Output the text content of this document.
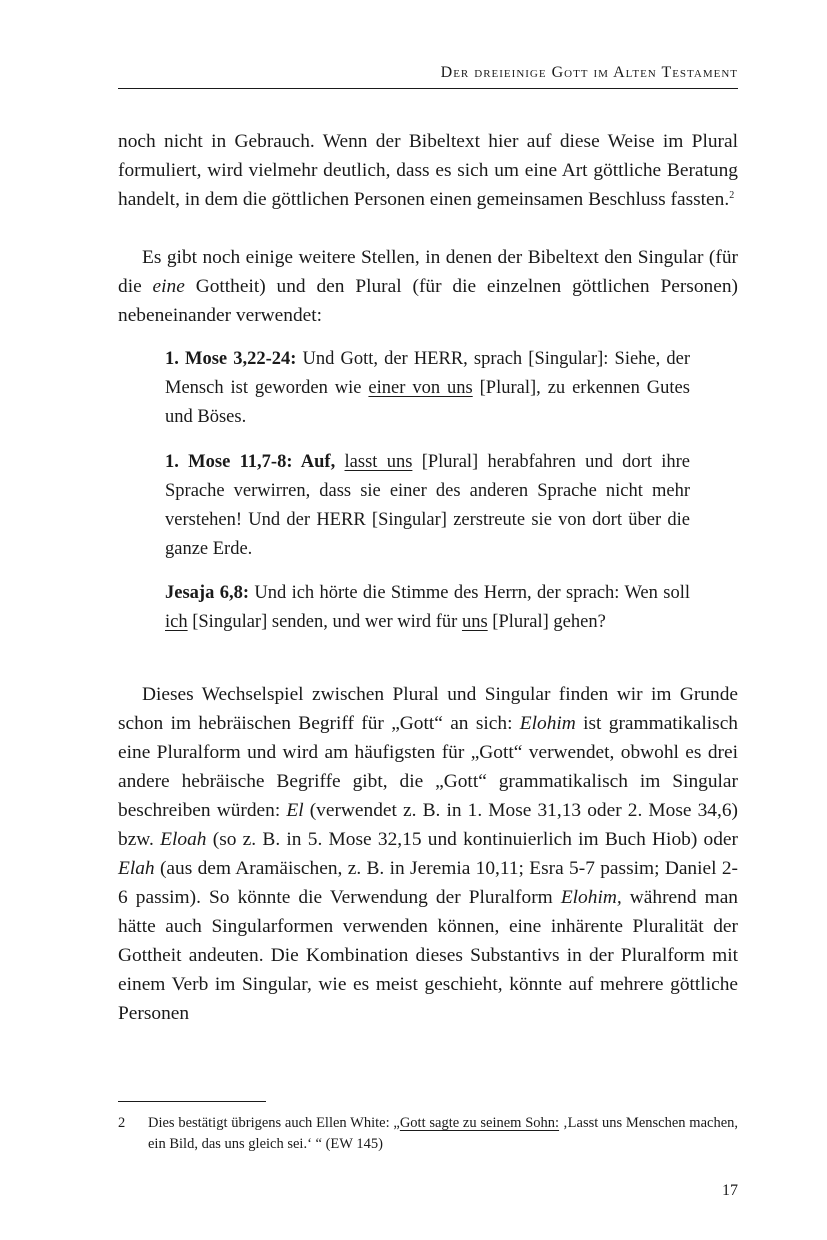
Der dreieinige Gott im Alten Testament

noch nicht in Gebrauch. Wenn der Bibeltext hier auf diese Weise im Plural formuliert, wird vielmehr deutlich, dass es sich um eine Art göttliche Beratung handelt, in dem die göttlichen Personen einen gemeinsamen Beschluss fassten.$^2$

Es gibt noch einige weitere Stellen, in denen der Bibeltext den Singular (für die eine Gottheit) und den Plural (für die einzelnen göttlichen Personen) nebeneinander verwendet:

1. Mose 3,22-24: Und Gott, der HERR, sprach [Singular]: Siehe, der Mensch ist geworden wie einer von uns [Plural], zu erkennen Gutes und Böses.

1. Mose 11,7-8: Auf, lasst uns [Plural] herabfahren und dort ihre Sprache verwirren, dass sie einer des anderen Sprache nicht mehr verstehen! Und der HERR [Singular] zerstreute sie von dort über die ganze Erde.

Jesaja 6,8: Und ich hörte die Stimme des Herrn, der sprach: Wen soll ich [Singular] senden, und wer wird für uns [Plural] gehen?

Dieses Wechselspiel zwischen Plural und Singular finden wir im Grunde schon im hebräischen Begriff für „Gott“ an sich: Elohim ist grammatikalisch eine Pluralform und wird am häufigsten für „Gott“ verwendet, obwohl es drei andere hebräische Begriffe gibt, die „Gott“ grammatikalisch im Singular beschreiben würden: El (verwendet z. B. in 1. Mose 31,13 oder 2. Mose 34,6) bzw. Eloah (so z. B. in 5. Mose 32,15 und kontinuierlich im Buch Hiob) oder Elah (aus dem Aramäischen, z. B. in Jeremia 10,11; Esra 5-7 passim; Daniel 2-6 passim). So könnte die Verwendung der Pluralform Elohim, während man hätte auch Singularformen verwenden können, eine inhärente Pluralität der Gottheit andeuten. Die Kombination dieses Substantivs in der Pluralform mit einem Verb im Singular, wie es meist geschieht, könnte auf mehrere göttliche Personen

2 Dies bestätigt übrigens auch Ellen White: „Gott sagte zu seinem Sohn: ‚Lasst uns Menschen machen, ein Bild, das uns gleich sei.‘ “ (EW 145)
17
